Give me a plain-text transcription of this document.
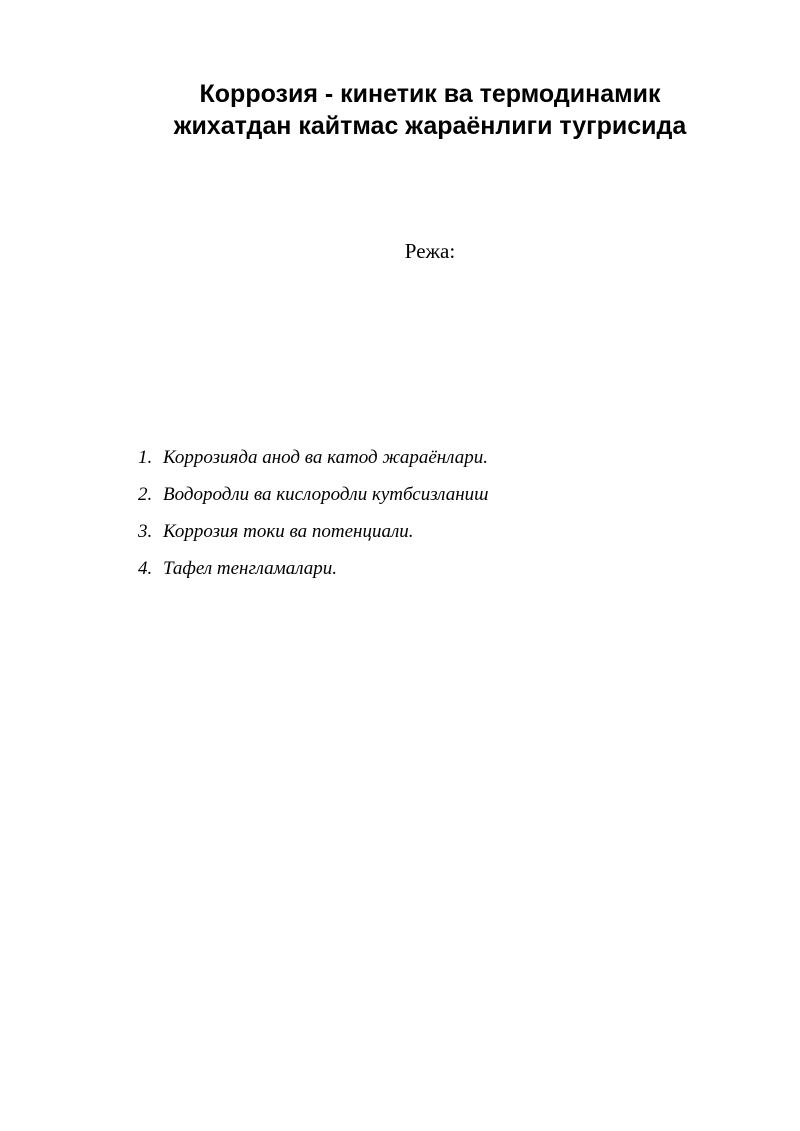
Коррозия - кинетик ва термодинамик
жихатдан кайтмас жараёнлиги тугрисида
Режа:
1. Коррозияда анод ва катод жараёнлари.
2. Водородли ва кислородли кутбсизланиш
3. Коррозия токи ва потенциали.
4. Тафел тенгламалари.
